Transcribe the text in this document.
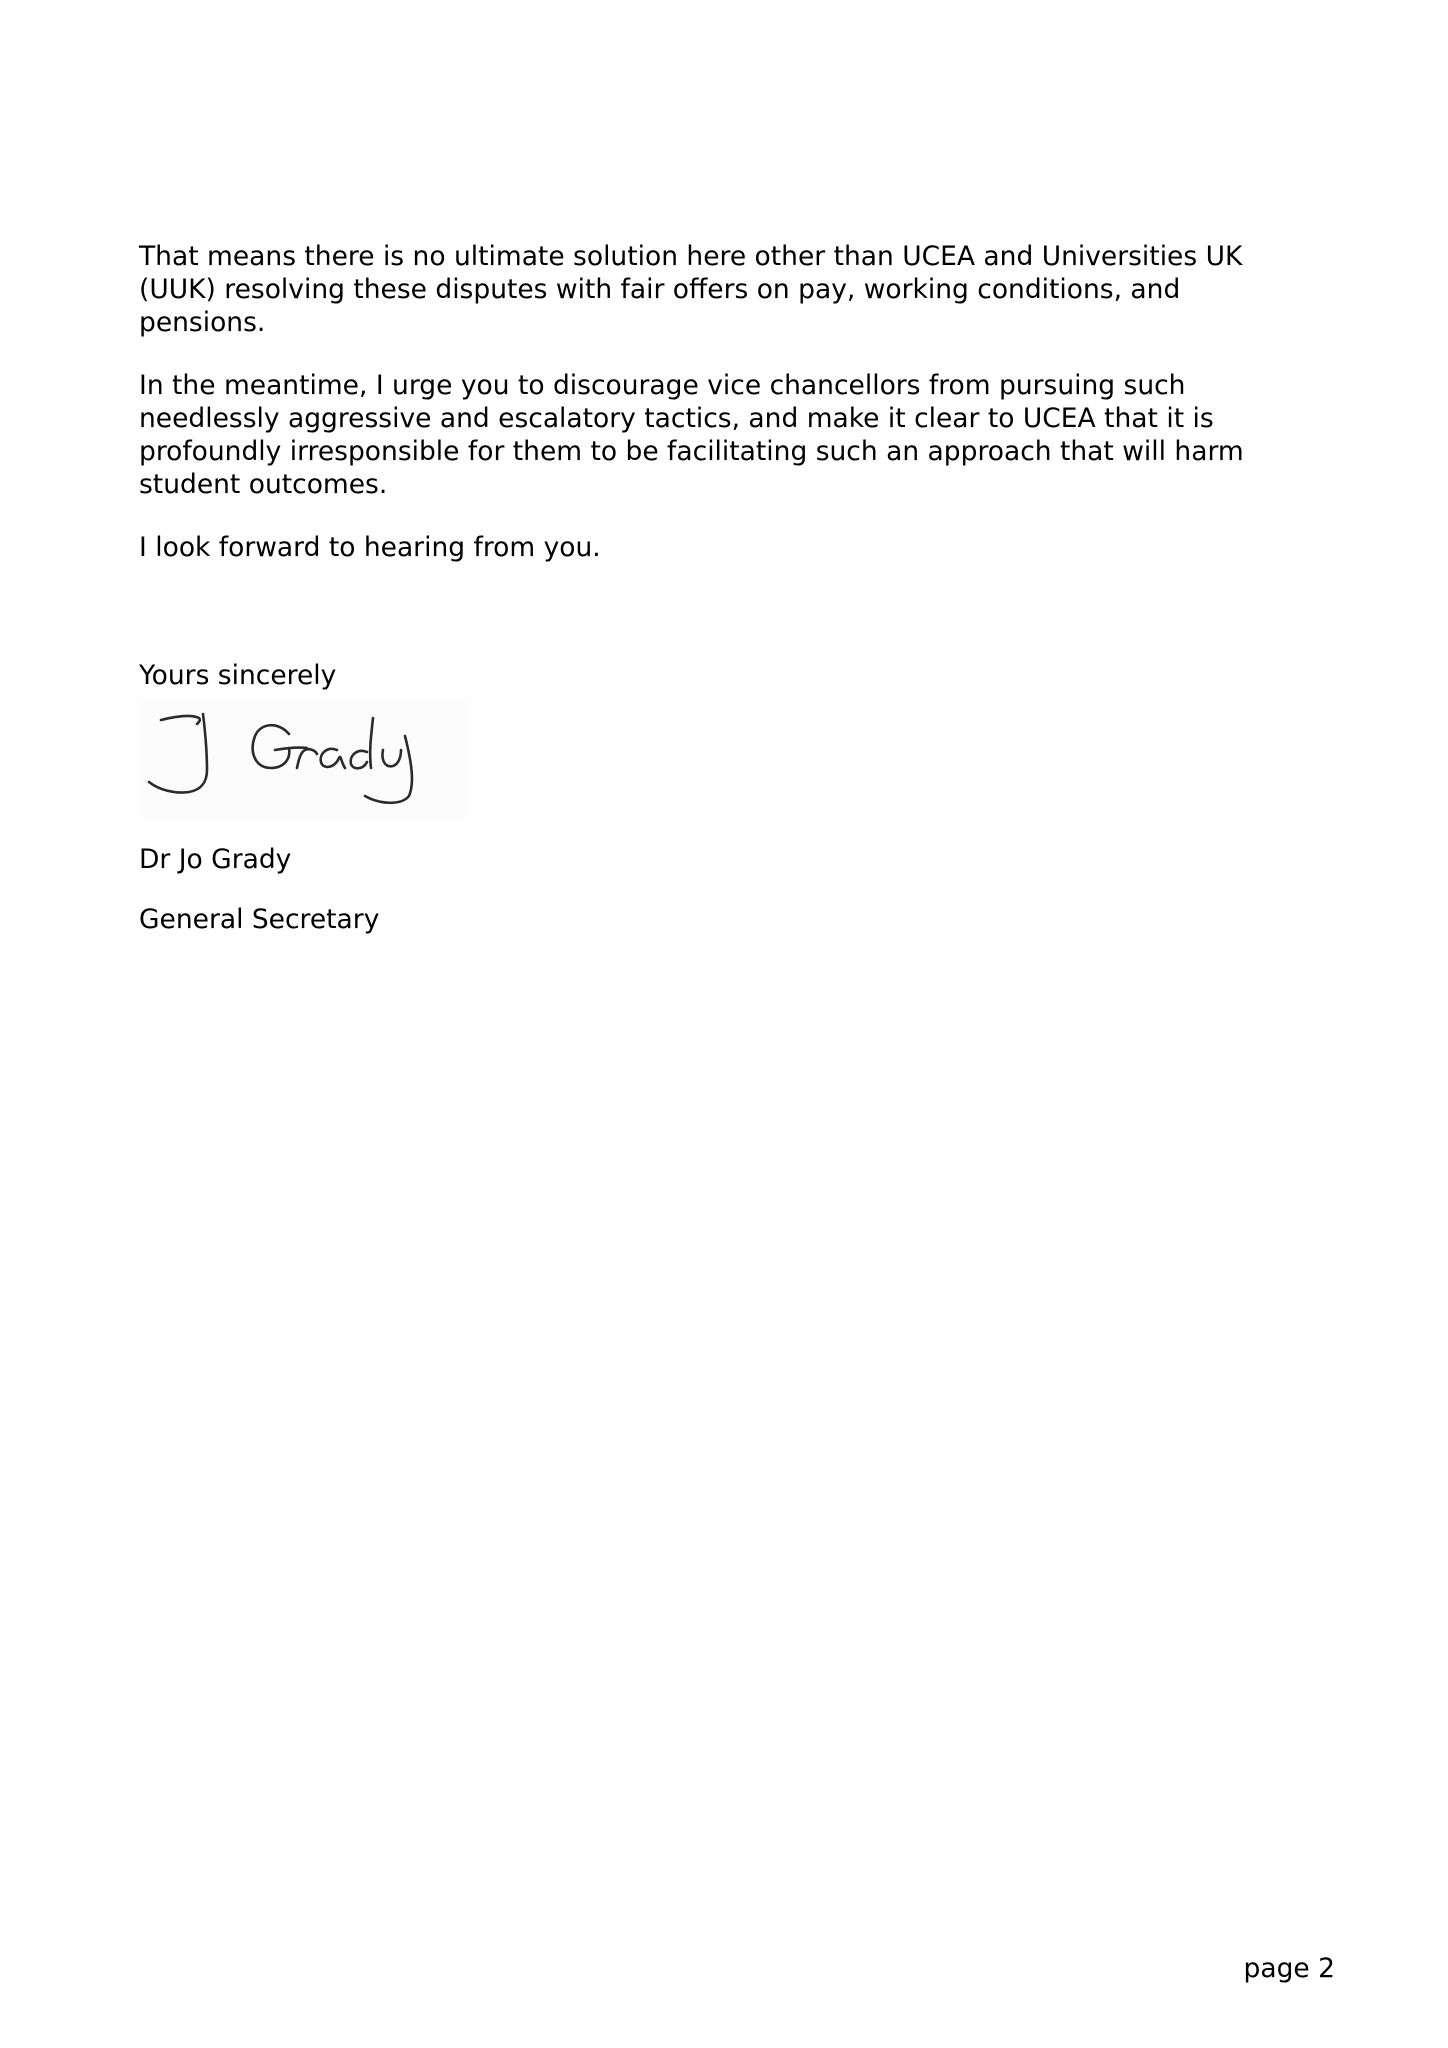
That means there is no ultimate solution here other than UCEA and Universities UK
(UUK) resolving these disputes with fair offers on pay, working conditions, and
pensions.

In the meantime, I urge you to discourage vice chancellors from pursuing such
needlessly aggressive and escalatory tactics, and make it clear to UCEA that it is
profoundly irresponsible for them to be facilitating such an approach that will harm
student outcomes.

I look forward to hearing from you.

Yours sincerely
Dr Jo Grady
General Secretary
page 2
